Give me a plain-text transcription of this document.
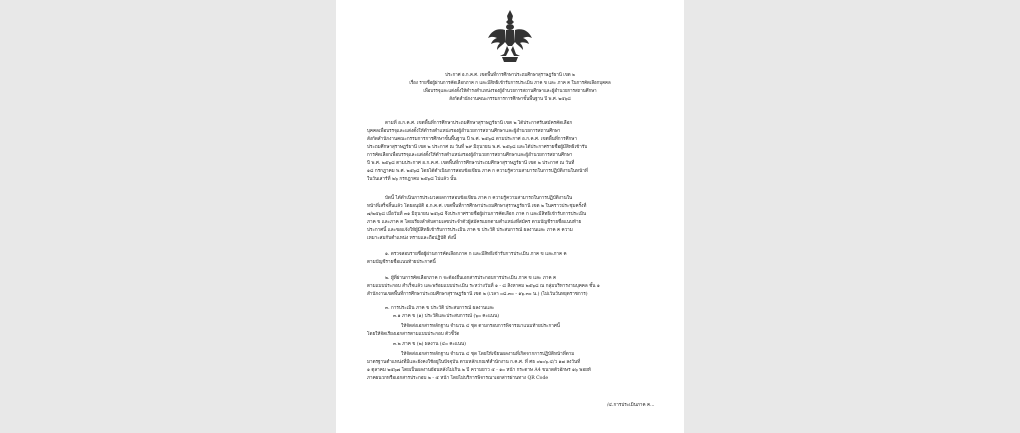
ประกาศ อ.ก.ค.ศ. เขตพื้นที่การศึกษาประถมศึกษาสุราษฎร์ธานี เขต ๒
เรื่อง รายชื่อผู้ผ่านการคัดเลือกภาค ก และมีสิทธิเข้ารับการประเมิน ภาค ข และ ภาค ค ในการคัดเลือกบุคคล
เพื่อบรรจุและแต่งตั้งให้ดำรงตำแหน่งรองผู้อำนวยการสถานศึกษาและผู้อำนวยการสถานศึกษา
สังกัดสำนักงานคณะกรรมการการศึกษาขั้นพื้นฐาน ปี พ.ศ. ๒๕๖๘
ตามที่ อ.ก.ค.ศ. เขตพื้นที่การศึกษาประถมศึกษาสุราษฎร์ธานี เขต ๒ ได้ประกาศรับสมัครคัดเลือก
บุคคลเพื่อบรรจุและแต่งตั้งให้ดำรงตำแหน่งรองผู้อำนวยการสถานศึกษาและผู้อำนวยการสถานศึกษา
สังกัดสำนักงานคณะกรรมการการศึกษาขั้นพื้นฐาน ปี พ.ศ. ๒๕๖๘ ตามประกาศ อ.ก.ค.ศ. เขตพื้นที่การศึกษา
ประถมศึกษาสุราษฎร์ธานี เขต ๒ ประกาศ ณ วันที่ ๒๙ มิถุนายน พ.ศ. ๒๕๖๘ และได้ประกาศรายชื่อผู้มีสิทธิเข้ารับ
การคัดเลือกเพื่อบรรจุและแต่งตั้งให้ดำรงตำแหน่งรองผู้อำนวยการสถานศึกษาและผู้อำนวยการสถานศึกษา
ปี พ.ศ. ๒๕๖๘ ตามประกาศ อ.ก.ค.ศ. เขตพื้นที่การศึกษาประถมศึกษาสุราษฎร์ธานี เขต ๒ ประกาศ ณ วันที่
๑๘ กรกฎาคม พ.ศ. ๒๕๖๘ โดยได้ดำเนินการสอบข้อเขียน ภาค ก ความรู้ความสามารถในการปฏิบัติงานในหน้าที่
ในวันเสาร์ที่ ๒๖ กรกฎาคม ๒๕๖๘ ไปแล้ว นั้น
บัดนี้ ได้ดำเนินการประมวลผลการสอบข้อเขียน ภาค ก ความรู้ความสามารถในการปฏิบัติงานใน
หน้าที่เสร็จสิ้นแล้ว โดยอนุมัติ อ.ก.ค.ศ. เขตพื้นที่การศึกษาประถมศึกษาสุราษฎร์ธานี เขต ๒ ในคราวประชุมครั้งที่
๗/๒๕๖๘ เมื่อวันที่ ๓๑ มิถุนายน ๒๕๖๘ จึงประกาศรายชื่อผู้ผ่านการคัดเลือก ภาค ก และมีสิทธิเข้ารับการประเมิน
ภาค ข และภาค ค โดยเรียงลำดับตามเลขประจำตัวผู้สมัครแยกตามตำแหน่งที่สมัคร ตามบัญชีรายชื่อแนบท้าย
ประกาศนี้ และขอแจ้งให้ผู้มีสิทธิเข้ารับการประเมิน ภาค ข ประวัติ ประสบการณ์ ผลงานและ ภาค ค ความ
เหมาะสมกับตำแหน่ง ทราบและถือปฏิบัติ ดังนี้
๑. ตรวจสอบรายชื่อผู้ผ่านการคัดเลือกภาค ก และมีสิทธิเข้ารับการประเมิน ภาค ข และภาค ค
ตามบัญชีรายชื่อแนบท้ายประกาศนี้
๒. ผู้ที่ผ่านการคัดเลือกภาค ก จะต้องยื่นเอกสารประกอบการประเมิน ภาค ข และ ภาค ค
ตามแบบประกอบ สำเร็จแล้ว และพร้อมแบบประเมิน ระหว่างวันที่ ๑ - ๘ สิงหาคม ๒๕๖๘ ณ กลุ่มบริหารงานบุคคล ชั้น ๑
สำนักงานเขตพื้นที่การศึกษาประถมศึกษาสุราษฎร์ธานี เขต ๒ (เวลา ๐๘.๓๐ - ๑๖.๓๐ น.) (ไม่เว้นวันหยุดราชการ)
๓. การประเมิน ภาค ข ประวัติ ประสบการณ์ ผลงานและ
๓.๑ ภาค ข (๑) ประวัติและประสบการณ์ (๖๐ คะแนน)
ให้จัดส่งเอกสารหลักฐาน จำนวน ๔ ชุด ตามกรอบการพิจารณาแนบท้ายประกาศนี้
โดยให้จัดเรียงเอกสารตามแบบประกอบ ตัวชี้วัด
๓.๒ ภาค ข (๒) ผลงาน (๔๐ คะแนน)
ให้จัดส่งเอกสารหลักฐาน จำนวน ๔ ชุด โดยให้เขียนผลงานที่เกิดจากการปฏิบัติหน้าที่ตาม
มาตรฐานตำแหน่งที่มีและยังคงใช้อยู่ในปัจจุบัน ตามหลักเกณฑ์สำนักงาน ก.ค.ศ. ที่ ศธ ๐๒๐๖.๔/ว ๑๗ ลงวันที่
๑ ตุลาคม ๒๕๖๗ โดยเป็นผลงานย้อนหลังไม่เกิน ๒ ปี ความยาว ๕ - ๑๐ หน้า กระดาษ A4 ขนาดตัวอักษร ๑๖ พอยท์
ภาคผนวกหรือเอกสารประกอบ ๒ - ๕ หน้า โดยไม่บริการพิจารณาเอกสารผ่านทาง QR Code
/๔.การประเมินภาค ค...
